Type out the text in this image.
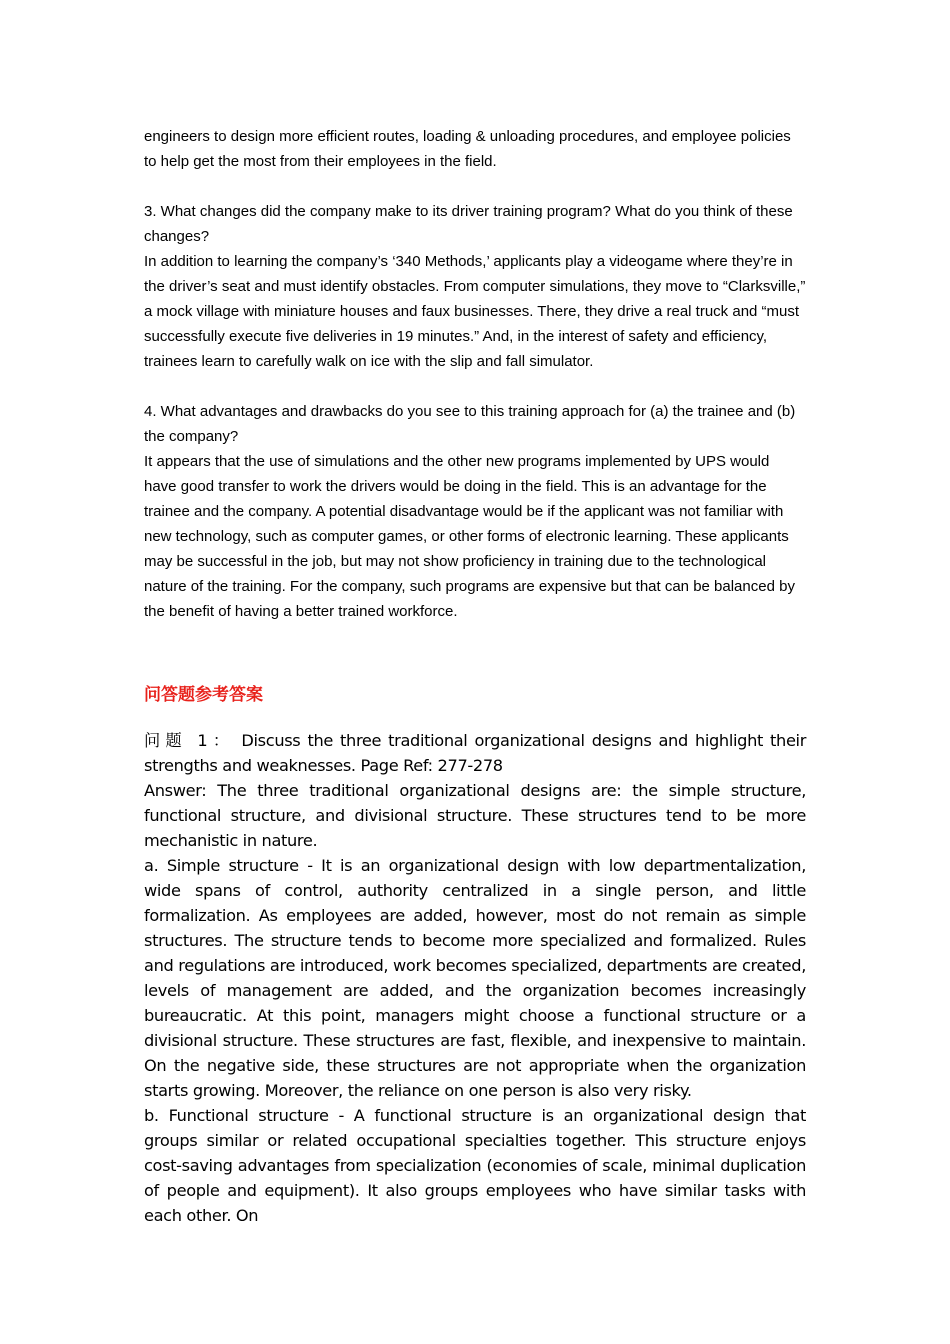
engineers to design more efficient routes, loading & unloading procedures, and employee policies to help get the most from their employees in the field.

3. What changes did the company make to its driver training program? What do you think of these changes?

In addition to learning the company’s ‘340 Methods,’ applicants play a videogame where they’re in the driver’s seat and must identify obstacles. From computer simulations, they move to “Clarksville,” a mock village with miniature houses and faux businesses. There, they drive a real truck and “must successfully execute five deliveries in 19 minutes.” And, in the interest of safety and efficiency, trainees learn to carefully walk on ice with the slip and fall simulator.

4. What advantages and drawbacks do you see to this training approach for (a) the trainee and (b) the company?

It appears that the use of simulations and the other new programs implemented by UPS would have good transfer to work the drivers would be doing in the field. This is an advantage for the trainee and the company. A potential disadvantage would be if the applicant was not familiar with new technology, such as computer games, or other forms of electronic learning. These applicants may be successful in the job, but may not show proficiency in training due to the technological nature of the training. For the company, such programs are expensive but that can be balanced by the benefit of having a better trained workforce.

问答题参考答案

问题 1： Discuss the three traditional organizational designs and highlight their strengths and weaknesses. Page Ref: 277-278

Answer: The three traditional organizational designs are: the simple structure, functional structure, and divisional structure. These structures tend to be more mechanistic in nature.

a. Simple structure - It is an organizational design with low departmentalization, wide spans of control, authority centralized in a single person, and little formalization. As employees are added, however, most do not remain as simple structures. The structure tends to become more specialized and formalized. Rules and regulations are introduced, work becomes specialized, departments are created, levels of management are added, and the organization becomes increasingly bureaucratic. At this point, managers might choose a functional structure or a divisional structure. These structures are fast, flexible, and inexpensive to maintain. On the negative side, these structures are not appropriate when the organization starts growing. Moreover, the reliance on one person is also very risky.

b. Functional structure - A functional structure is an organizational design that groups similar or related occupational specialties together. This structure enjoys cost-saving advantages from specialization (economies of scale, minimal duplication of people and equipment). It also groups employees who have similar tasks with each other. On
